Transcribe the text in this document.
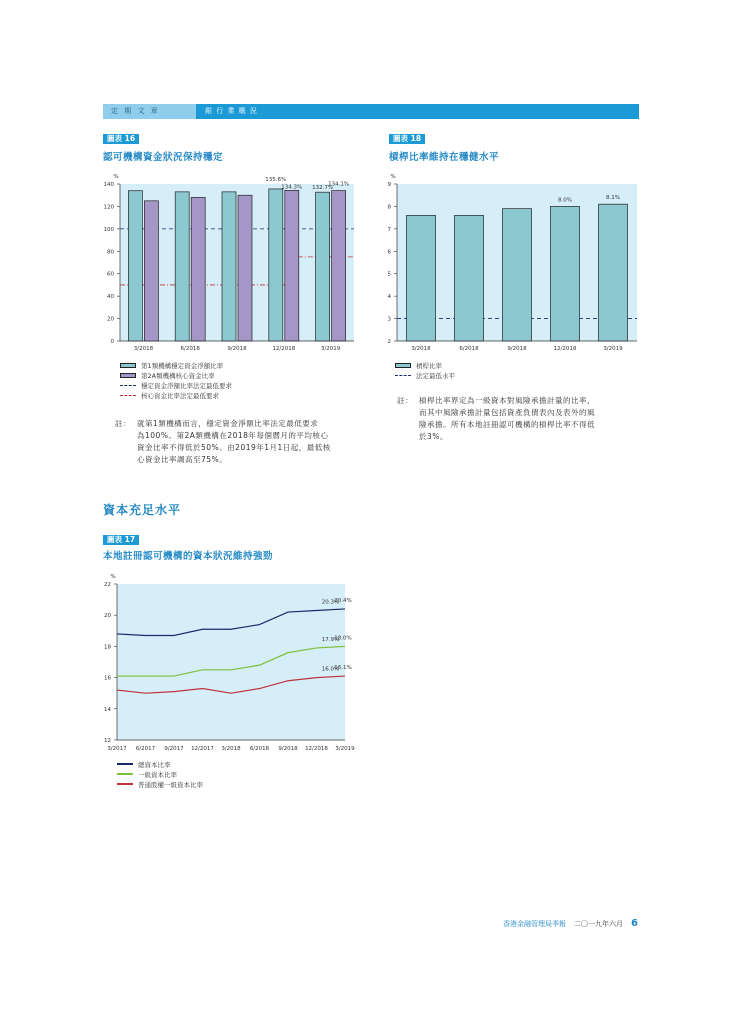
定 期 文 章	銀 行 業 概 況
圖表 16
認可機構資金狀況保持穩定
0
20
40
60
80
100
120
140
%
3/2018	6/2018	9/2018	12/2018	3/2019
135.6%
134.3% 132.7%
134.1%
第1類機構穩定資金淨額比率
第2A類機構核心資金比率
穩定資金淨額比率法定最低要求
核心資金比率法定最低要求
註： 就第1類機構而言，穩定資金淨額比率法定最低要求
為100%。第2A類機構在2018年每個曆月的平均核心
資金比率不得低於50%。由2019年1月1日起，最低核
心資金比率調高至75%。
圖表 18
槓桿比率維持在穩健水平
2
3
4
5
6
7
8
9
%
3/2018	6/2018	9/2018	12/2018	3/2019
8.0%	8.1%
槓桿比率
法定最低水平
註： 槓桿比率界定為一級資本對風險承擔計量的比率，
而其中風險承擔計量包括資產負債表內及表外的風
險承擔。所有本地註冊認可機構的槓桿比率不得低
於3%。
資本充足水平
圖表 17
本地註冊認可機構的資本狀況維持強勁
12
14
16
18
20
22
%
3/2017 6/2017 9/2017 12/2017 3/2018 6/2018 9/2018 12/2018 3/2019
20.3%
20.4%
17.9%
18.0%
16.0%
16.1%
總資本比率
一級資本比率
普通股權一級資本比率
香港金融管理局季報 二〇一九年六月 6
